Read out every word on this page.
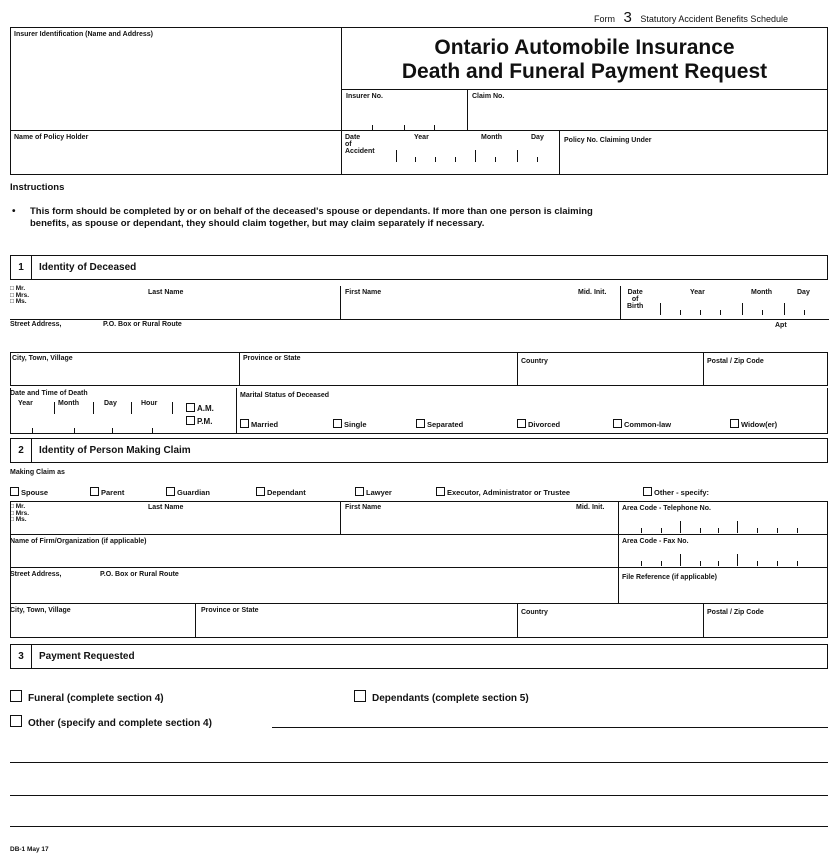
Form 3 Statutory Accident Benefits Schedule
Insurer Identification (Name and Address)
Ontario Automobile Insurance
Death and Funeral Payment Request
Insurer No.	Claim No.
Name of Policy Holder	Date
of
Accident
Year	Month	Day	Policy No. Claiming Under
Instructions
• This form should be completed by or on behalf of the deceased's spouse or dependants. If more than one person is claiming
benefits, as spouse or dependant, they should claim together, but may claim separately if necessary.
1	Identity of Deceased
□ Mr.
□ Mrs.
□ Ms.
Last Name	First Name	Mid. Init.	Date
of
Birth
Year	Month	Day
Street Address,	P.O. Box or Rural Route	Apt
City, Town, Village	Province or State	Country	Postal / Zip Code
Date and Time of Death
Year	Month	Day	Hour
A.M.
P.M.
Marital Status of Deceased
Married	Single	Separated	Divorced	Common-law	Widow(er)
2	Identity of Person Making Claim
Making Claim as
Spouse	Parent	Guardian	Dependant	Lawyer	Executor, Administrator or Trustee	Other - specify:
□ Mr.
□ Mrs.
□ Ms.
Last Name	First Name	Mid. Init.	Area Code - Telephone No.
Name of Firm/Organization (if applicable)	Area Code - Fax No.
Street Address,	P.O. Box or Rural Route	File Reference (if applicable)
City, Town, Village	Province or State	Country	Postal / Zip Code
3	Payment Requested
Funeral (complete section 4)	Dependants (complete section 5)
Other (specify and complete section 4)
DB-1 May 17
